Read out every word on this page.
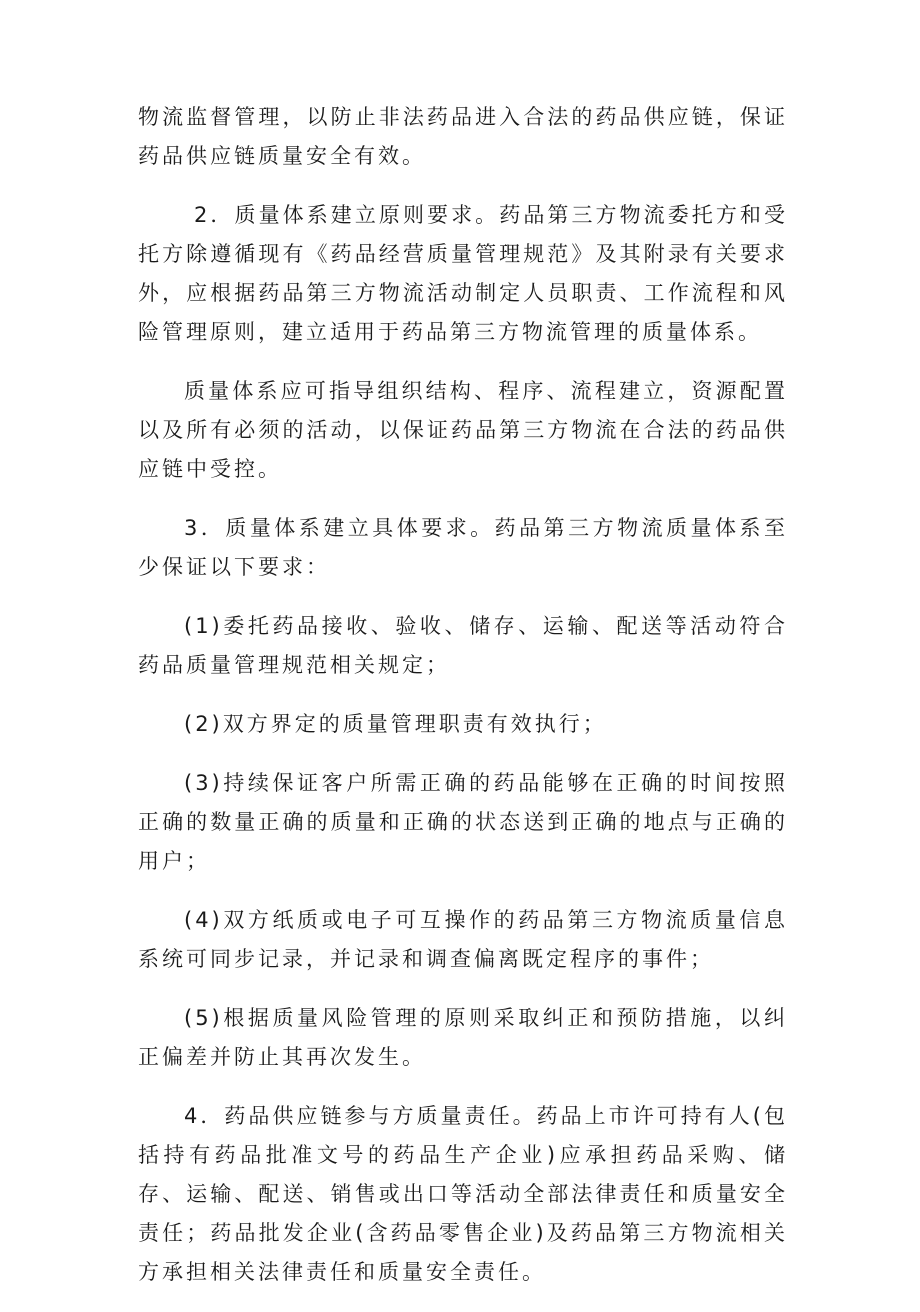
物流监督管理，以防止非法药品进入合法的药品供应链，保证药品供应链质量安全有效。

2．质量体系建立原则要求。药品第三方物流委托方和受托方除遵循现有《药品经营质量管理规范》及其附录有关要求外，应根据药品第三方物流活动制定人员职责、工作流程和风险管理原则，建立适用于药品第三方物流管理的质量体系。

质量体系应可指导组织结构、程序、流程建立，资源配置以及所有必须的活动，以保证药品第三方物流在合法的药品供应链中受控。

3．质量体系建立具体要求。药品第三方物流质量体系至少保证以下要求：

(1)委托药品接收、验收、储存、运输、配送等活动符合药品质量管理规范相关规定；

(2)双方界定的质量管理职责有效执行；

(3)持续保证客户所需正确的药品能够在正确的时间按照正确的数量正确的质量和正确的状态送到正确的地点与正确的用户；

(4)双方纸质或电子可互操作的药品第三方物流质量信息系统可同步记录，并记录和调查偏离既定程序的事件；

(5)根据质量风险管理的原则采取纠正和预防措施，以纠正偏差并防止其再次发生。

4．药品供应链参与方质量责任。药品上市许可持有人(包括持有药品批准文号的药品生产企业)应承担药品采购、储存、运输、配送、销售或出口等活动全部法律责任和质量安全责任；药品批发企业(含药品零售企业)及药品第三方物流相关方承担相关法律责任和质量安全责任。
